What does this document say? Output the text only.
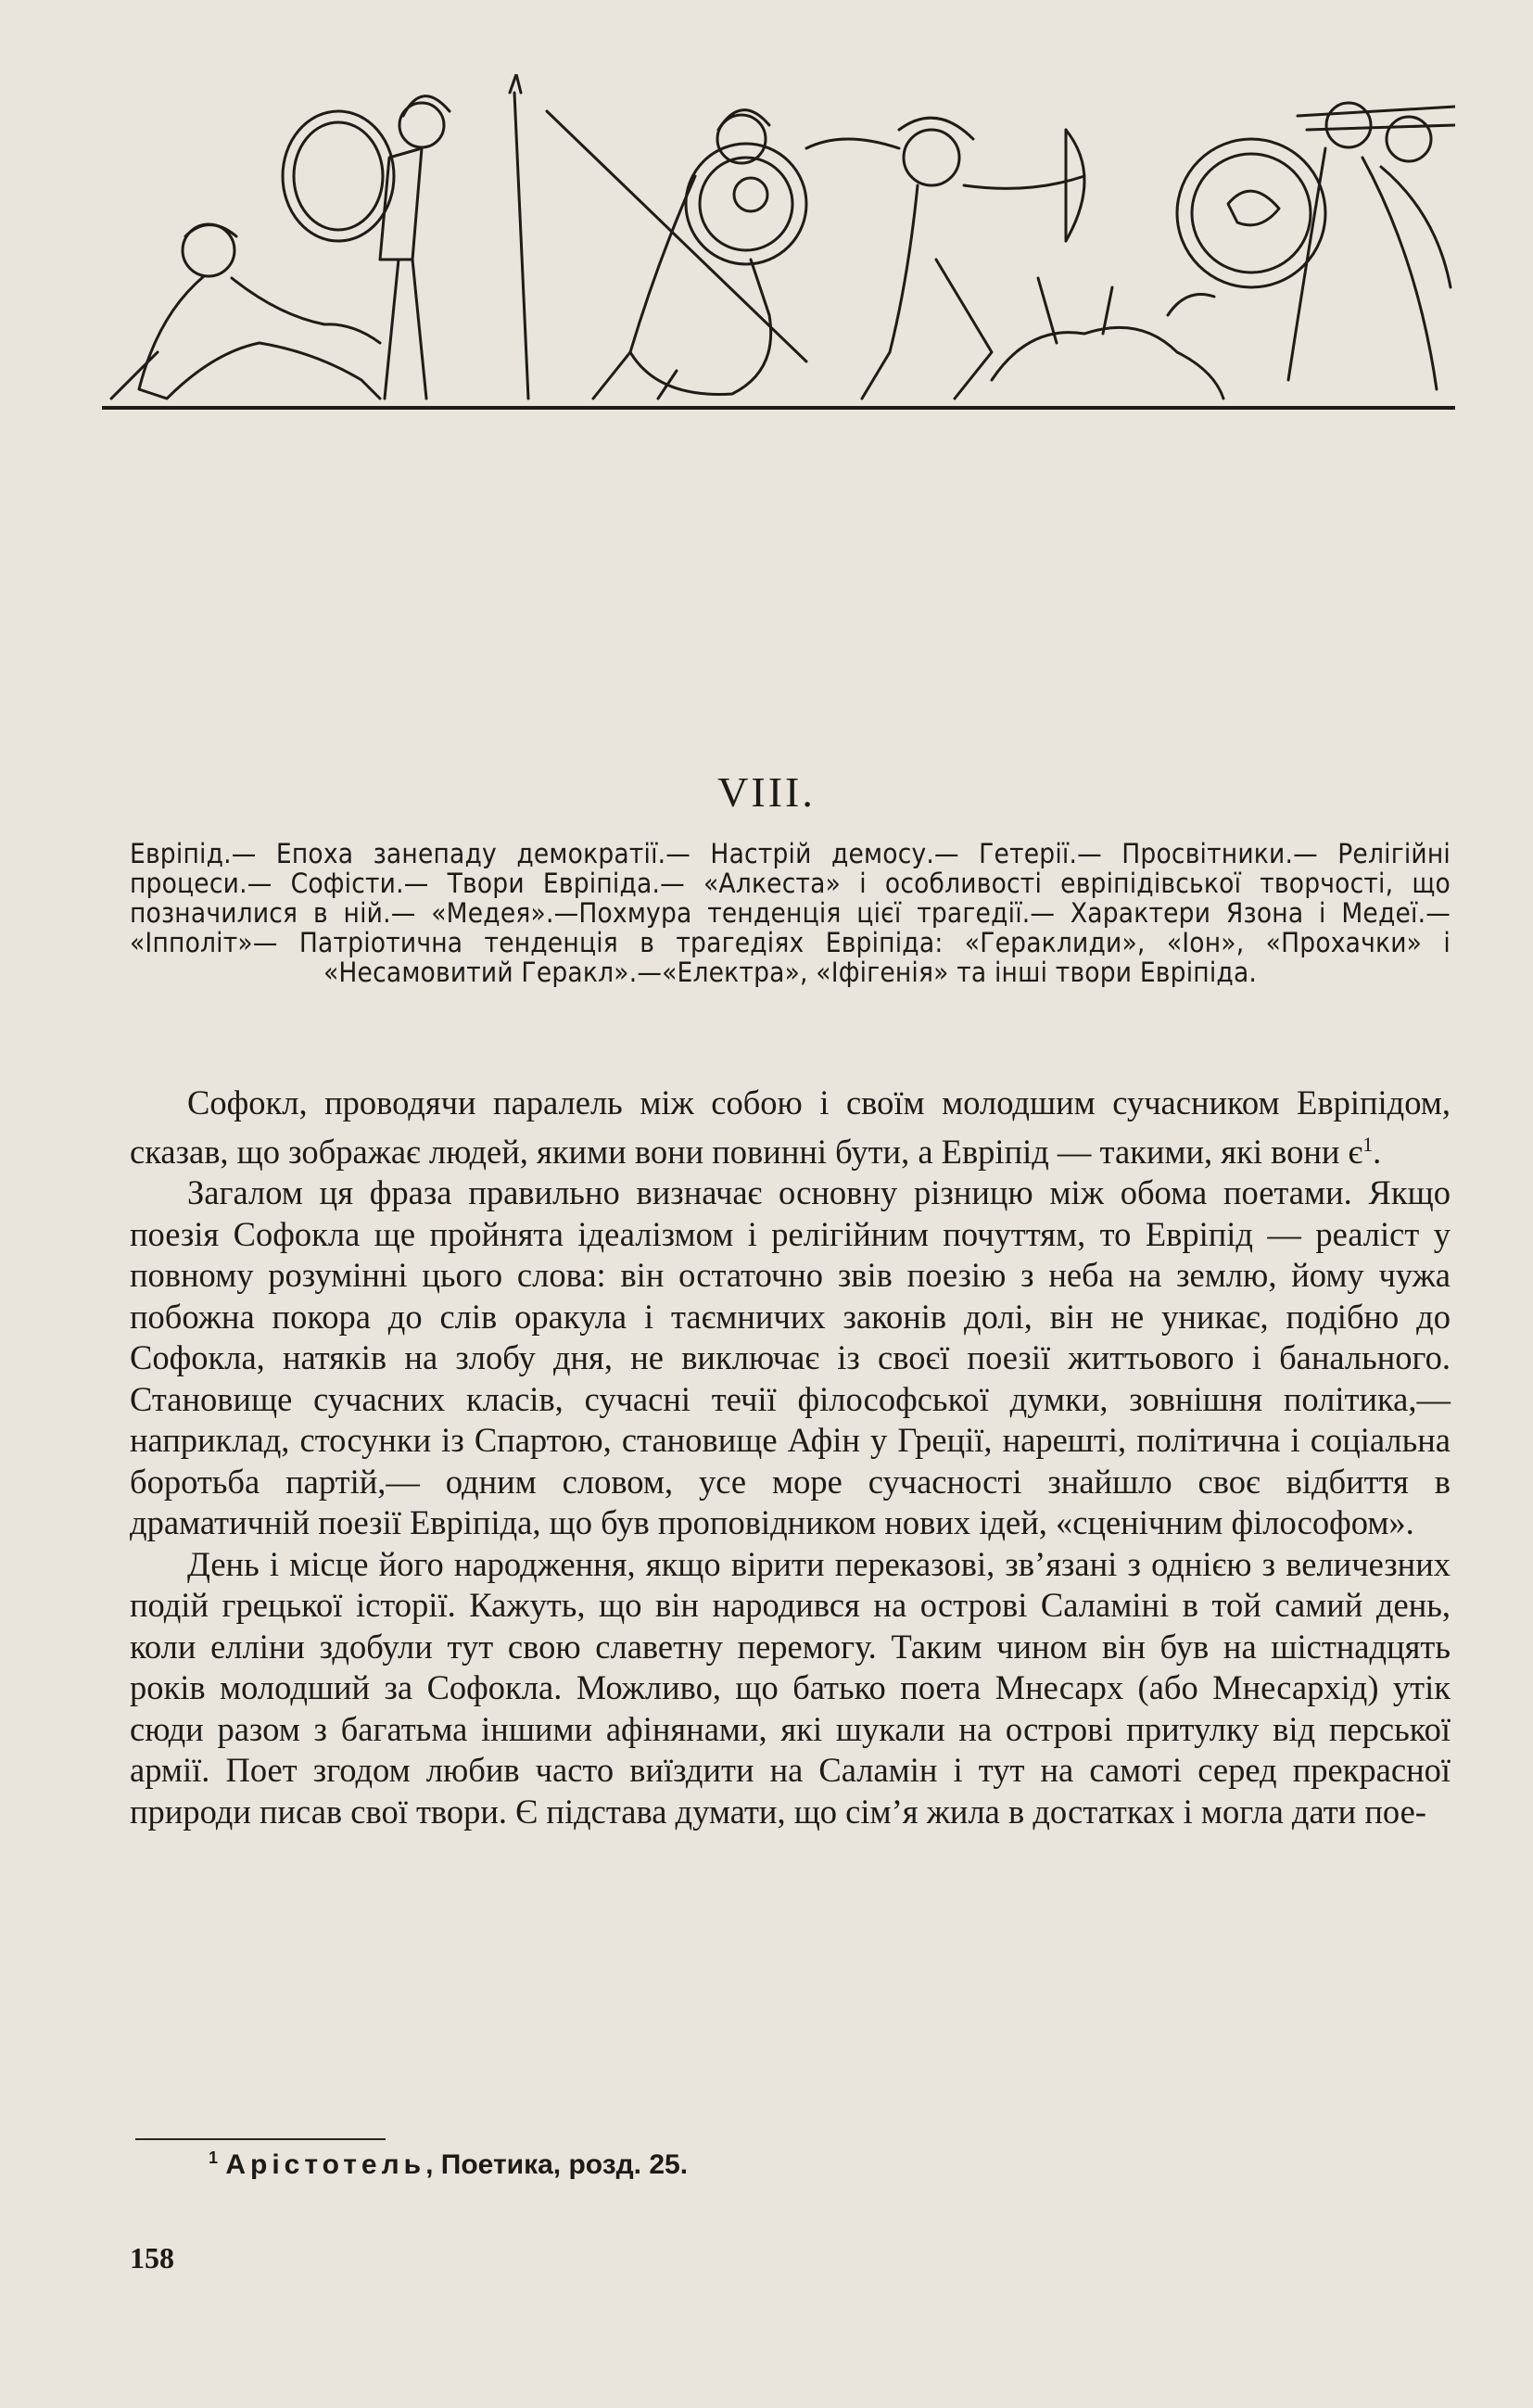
VIII.
Евріпід.— Епоха занепаду демократії.— Настрій демосу.— Гетерії.— Просвітники.— Релігійні процеси.— Софісти.— Твори Евріпіда.— «Алкеста» і особливості евріпідівської творчості, що позначилися в ній.— «Медея».—Похмура тенденція цієї трагедії.— Характери Язона і Медеї.— «Іпполіт»— Патріотична тенденція в трагедіях Евріпіда: «Гераклиди», «Іон», «Прохачки» і «Несамовитий Геракл».—«Електра», «Іфігенія» та інші твори Евріпіда.

Софокл, проводячи паралель між собою і своїм молодшим сучасником Евріпідом, сказав, що зображає людей, якими вони повинні бути, а Евріпід — такими, які вони $є^1$.

Загалом ця фраза правильно визначає основну різницю між обома поетами. Якщо поезія Софокла ще пройнята ідеалізмом і релігійним почуттям, то Евріпід — реаліст у повному розумінні цього слова: він остаточно звів поезію з неба на землю, йому чужа побожна покора до слів оракула і таємничих законів долі, він не уникає, подібно до Софокла, натяків на злобу дня, не виключає із своєї поезії життьового і банального. Становище сучасних класів, сучасні течії філософської думки, зовнішня політика,— наприклад, стосунки із Спартою, становище Афін у Греції, нарешті, політична і соціальна боротьба партій,— одним словом, усе море сучасності знайшло своє відбиття в драматичній поезії Евріпіда, що був проповідником нових ідей, «сценічним філософом».

День і місце його народження, якщо вірити переказові, зв’язані з однією з величезних подій грецької історії. Кажуть, що він народився на острові Саламіні в той самий день, коли елліни здобули тут свою славетну перемогу. Таким чином він був на шістнадцять років молодший за Софокла. Можливо, що батько поета Мнесарх (або Мнесархід) утік сюди разом з багатьма іншими афінянами, які шукали на острові притулку від перської армії. Поет згодом любив часто виїздити на Саламін і тут на самоті серед прекрасної природи писав свої твори. Є підстава думати, що сім’я жила в достатках і могла дати пое-

$^1$ Арістотель, Поетика, розд. 25.
158
